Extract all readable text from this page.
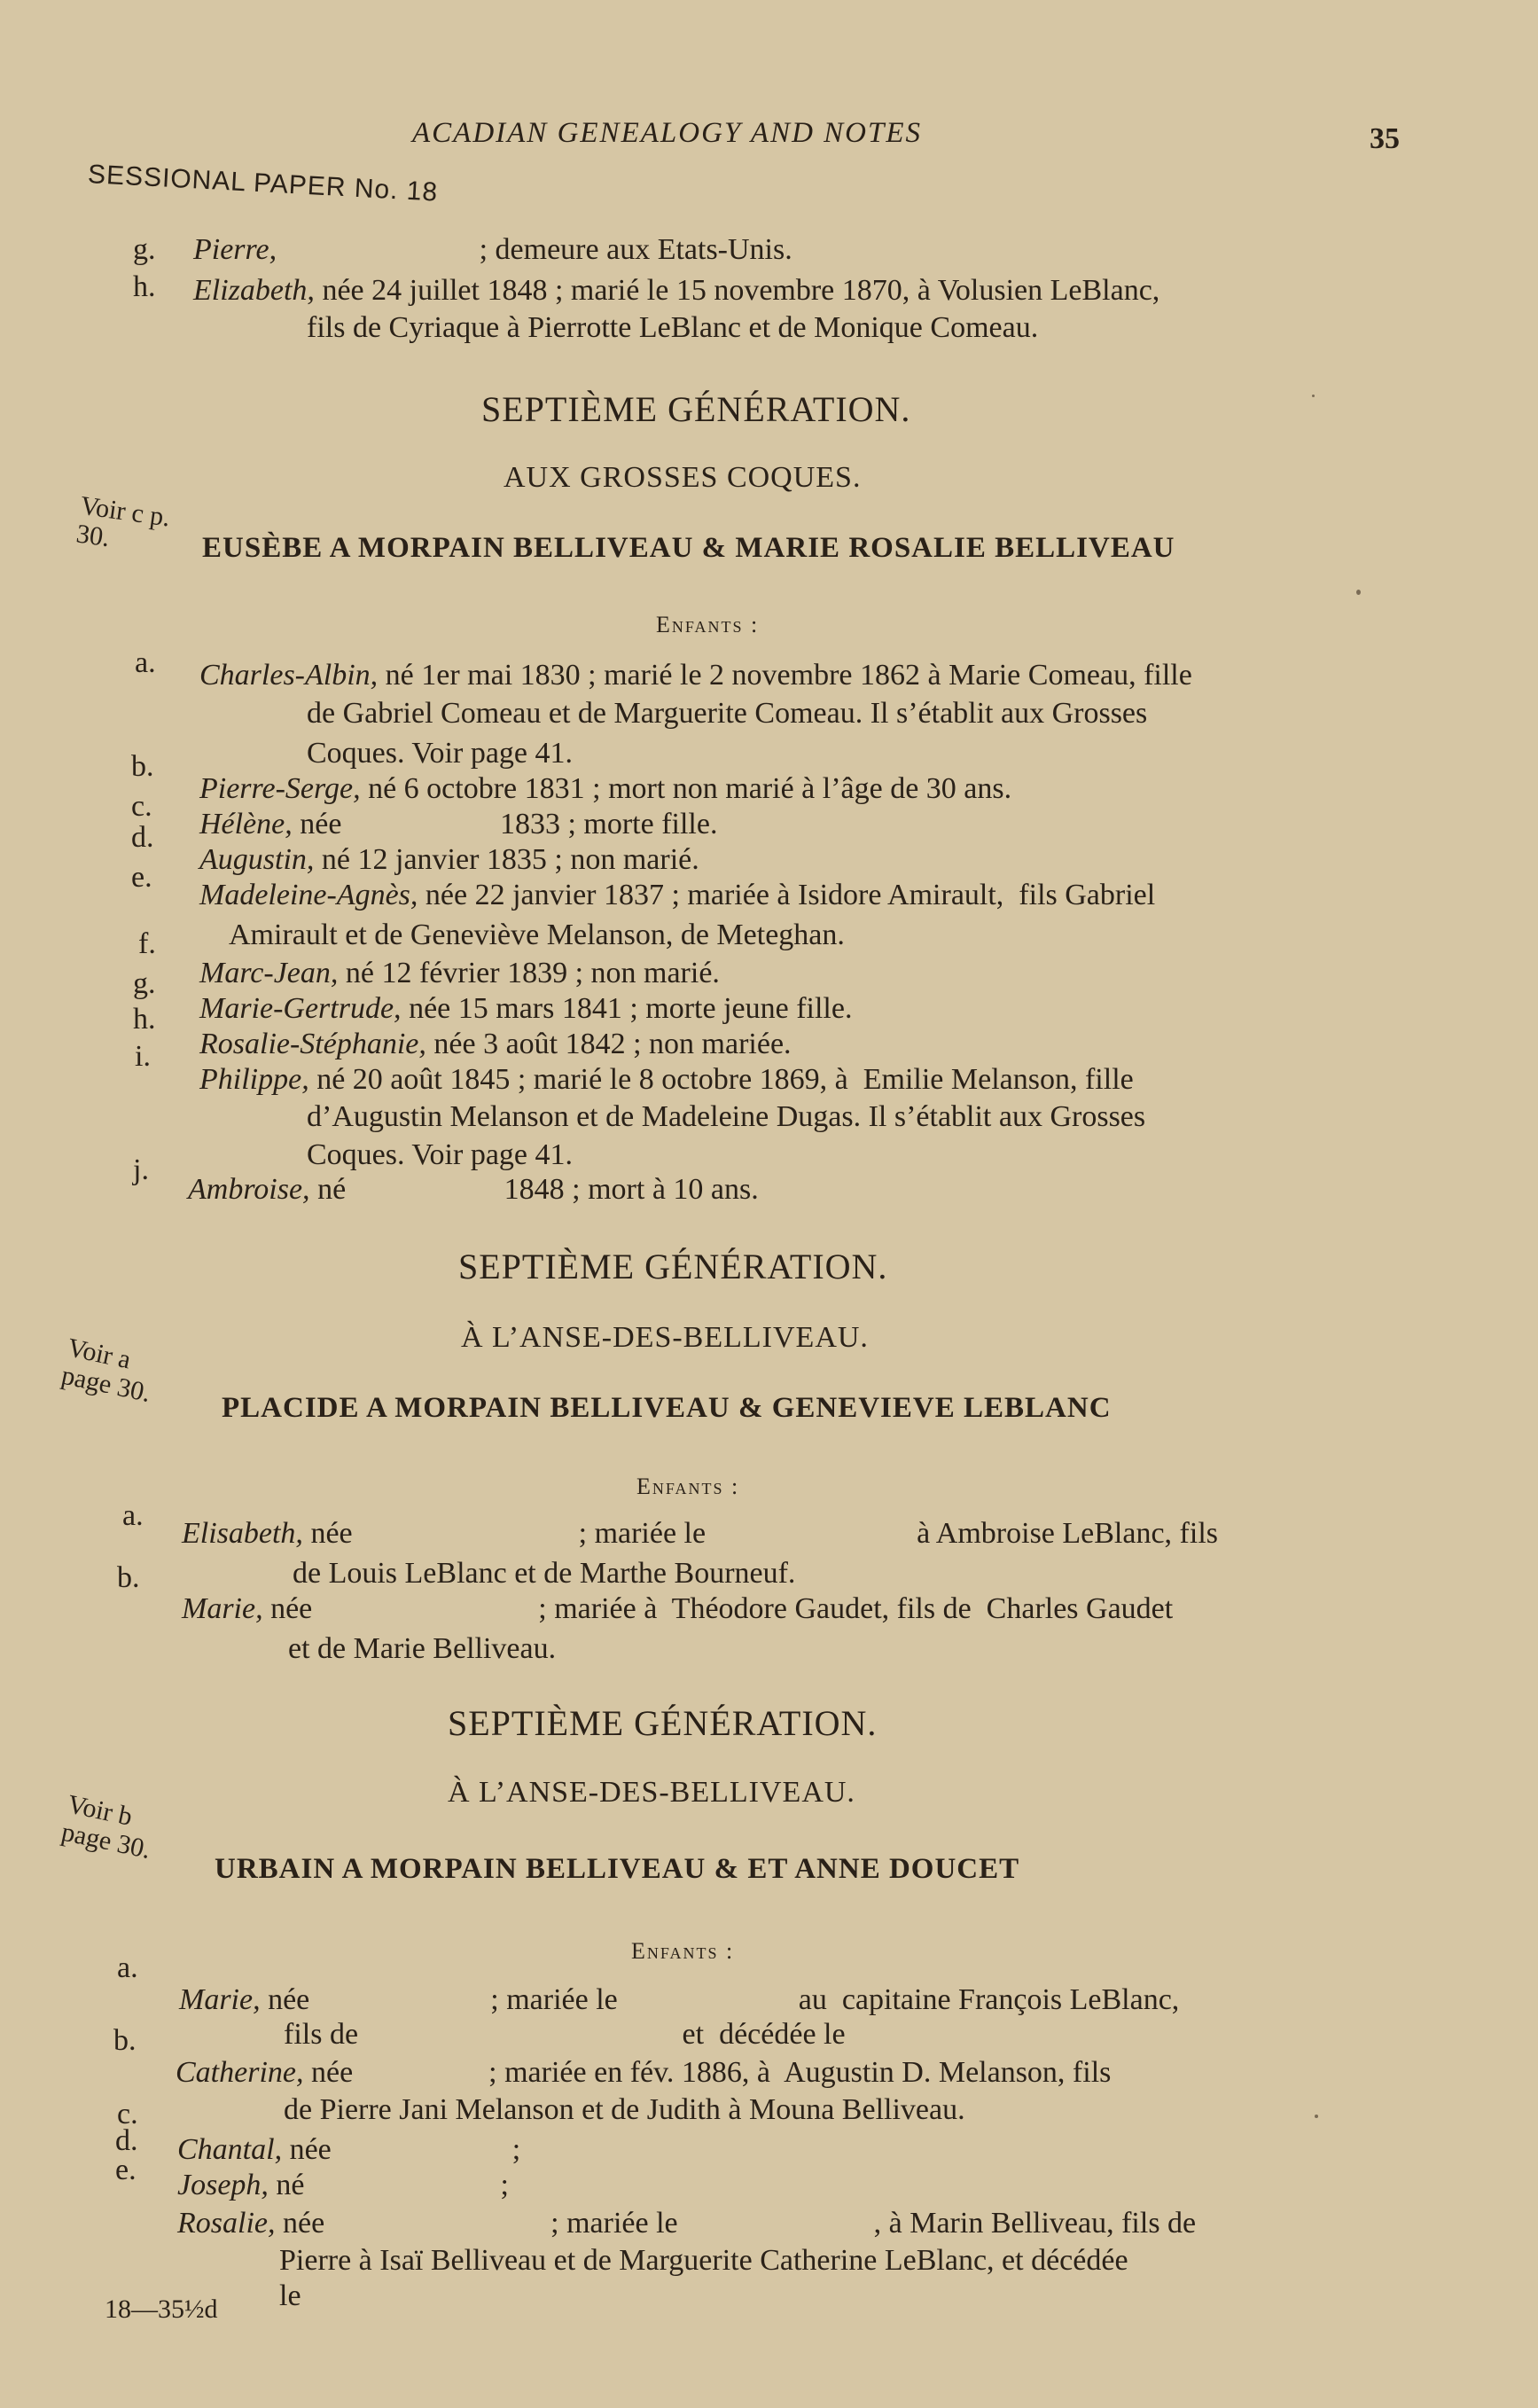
ACADIAN GENEALOGY AND NOTES	35
SESSIONAL PAPER No. 18
g. Pierre,	; demeure aux Etats-Unis.
h. Elizabeth, née 24 juillet 1848 ; marié le 15 novembre 1870, à Volusien LeBlanc,
fils de Cyriaque à Pierrotte LeBlanc et de Monique Comeau.
SEPTIÈME GÉNÉRATION.
AUX GROSSES COQUES.
Voir c p. 30.	EUSÈBE A MORPAIN BELLIVEAU & MARIE ROSALIE BELLIVEAU
Enfants :
a. Charles-Albin, né 1er mai 1830 ; marié le 2 novembre 1862 à Marie Comeau, fille
de Gabriel Comeau et de Marguerite Comeau. Il s’établit aux Grosses
Coques. Voir page 41.
b.
Pierre-Serge, né 6 octobre 1831 ; mort non marié à l’âge de 30 ans.
c.
Hélène, née                     1833 ; morte fille.
d.
Augustin, né 12 janvier 1835 ; non marié.
e.
Madeleine-Agnès, née 22 janvier 1837 ; mariée à Isidore Amirault,  fils Gabriel
Amirault et de Geneviève Melanson, de Meteghan.
f.
Marc-Jean, né 12 février 1839 ; non marié.
g.
Marie-Gertrude, née 15 mars 1841 ; morte jeune fille.
h.
Rosalie-Stéphanie, née 3 août 1842 ; non mariée.
i.
Philippe, né 20 août 1845 ; marié le 8 octobre 1869, à  Emilie Melanson, fille
d’Augustin Melanson et de Madeleine Dugas. Il s’établit aux Grosses
Coques. Voir page 41.
j.
Ambroise, né                     1848 ; mort à 10 ans.
SEPTIÈME GÉNÉRATION.
À L’ANSE-DES-BELLIVEAU.
Voir a page 30.
PLACIDE A MORPAIN BELLIVEAU & GENEVIEVE LEBLANC
Enfants :
a.
Elisabeth, née                              ; mariée le                            à Ambroise LeBlanc, fils
de Louis LeBlanc et de Marthe Bourneuf.
b.
Marie, née                              ; mariée à  Théodore Gaudet, fils de  Charles Gaudet
et de Marie Belliveau.
SEPTIÈME GÉNÉRATION.
À L’ANSE-DES-BELLIVEAU.
Voir b page 30.
URBAIN A MORPAIN BELLIVEAU & ET ANNE DOUCET
Enfants :
a.
Marie, née                        ; mariée le                        au  capitaine François LeBlanc,
fils de                                           et  décédée le
b.
Catherine, née                  ; mariée en fév. 1886, à  Augustin D. Melanson, fils
de Pierre Jani Melanson et de Judith à Mouna Belliveau.
c.
Chantal, née                        ;
d.
Joseph, né                          ;
e.
Rosalie, née                              ; mariée le                          , à Marin Belliveau, fils de
Pierre à Isaï Belliveau et de Marguerite Catherine LeBlanc, et décédée
le
18—35½d
